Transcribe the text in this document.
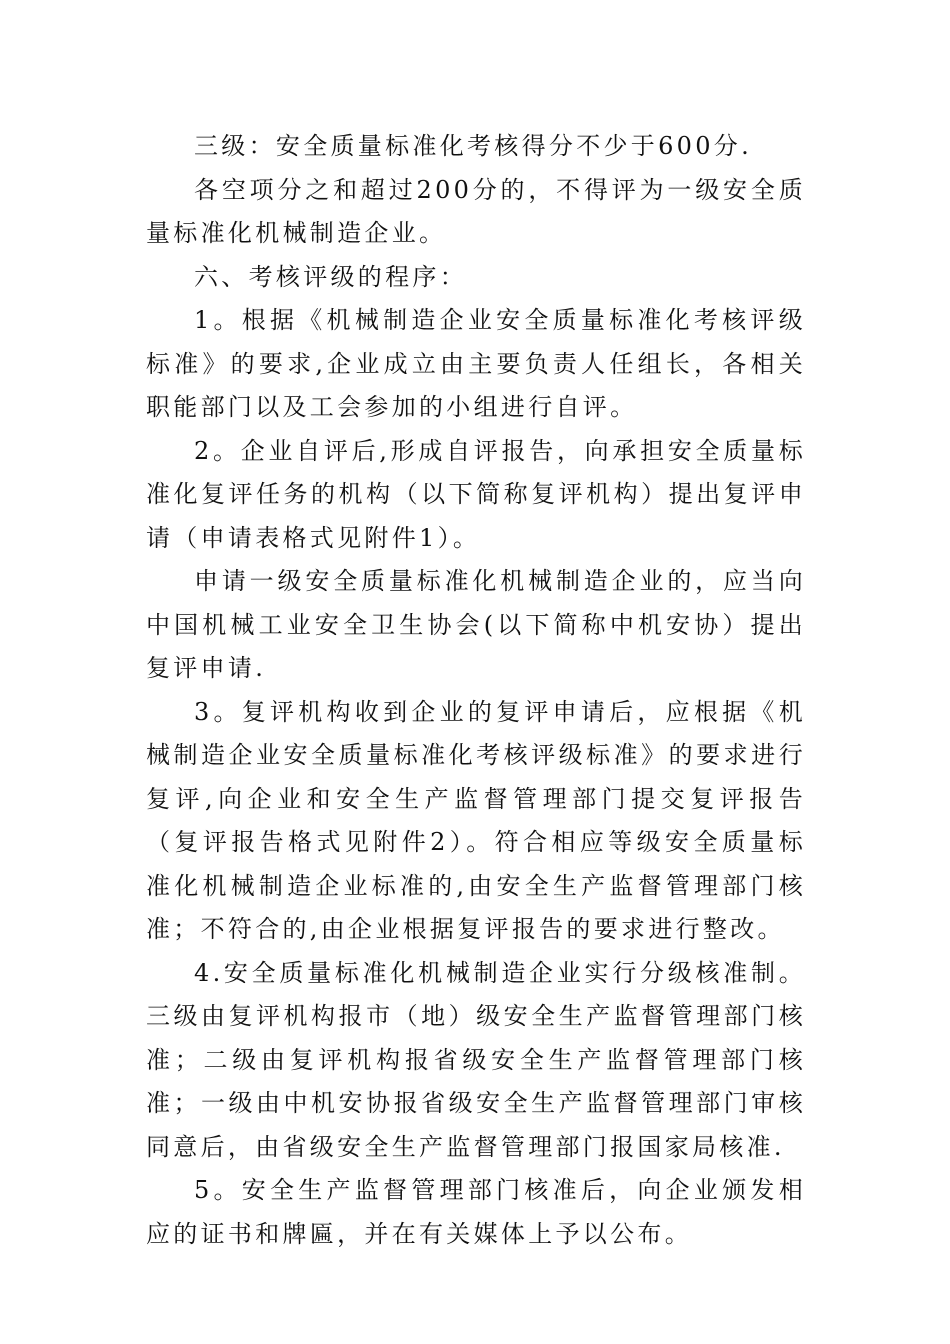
三级：安全质量标准化考核得分不少于600分.

各空项分之和超过200分的，不得评为一级安全质量标准化机械制造企业。

六、考核评级的程序：

1。根据《机械制造企业安全质量标准化考核评级标准》的要求,企业成立由主要负责人任组长，各相关职能部门以及工会参加的小组进行自评。

2。企业自评后,形成自评报告，向承担安全质量标准化复评任务的机构（以下简称复评机构）提出复评申请（申请表格式见附件1）。

申请一级安全质量标准化机械制造企业的，应当向中国机械工业安全卫生协会(以下简称中机安协）提出复评申请.

3。复评机构收到企业的复评申请后，应根据《机械制造企业安全质量标准化考核评级标准》的要求进行复评,向企业和安全生产监督管理部门提交复评报告（复评报告格式见附件2）。符合相应等级安全质量标准化机械制造企业标准的,由安全生产监督管理部门核准；不符合的,由企业根据复评报告的要求进行整改。

4.安全质量标准化机械制造企业实行分级核准制。三级由复评机构报市（地）级安全生产监督管理部门核准；二级由复评机构报省级安全生产监督管理部门核准；一级由中机安协报省级安全生产监督管理部门审核同意后，由省级安全生产监督管理部门报国家局核准.

5。安全生产监督管理部门核准后，向企业颁发相应的证书和牌匾，并在有关媒体上予以公布。
